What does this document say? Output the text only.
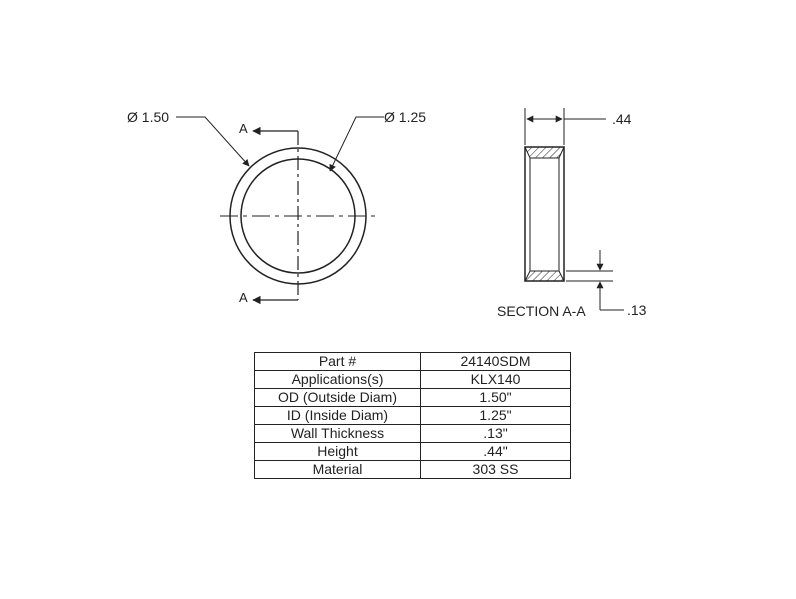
A
A
Ø 1.50	Ø 1.25	.44
.13
SECTION A-A
Part #	24140SDM
Applications(s)	KLX140
OD (Outside Diam)	1.50"
ID (Inside Diam)	1.25"
Wall Thickness	.13"
Height	.44"
Material	303 SS
